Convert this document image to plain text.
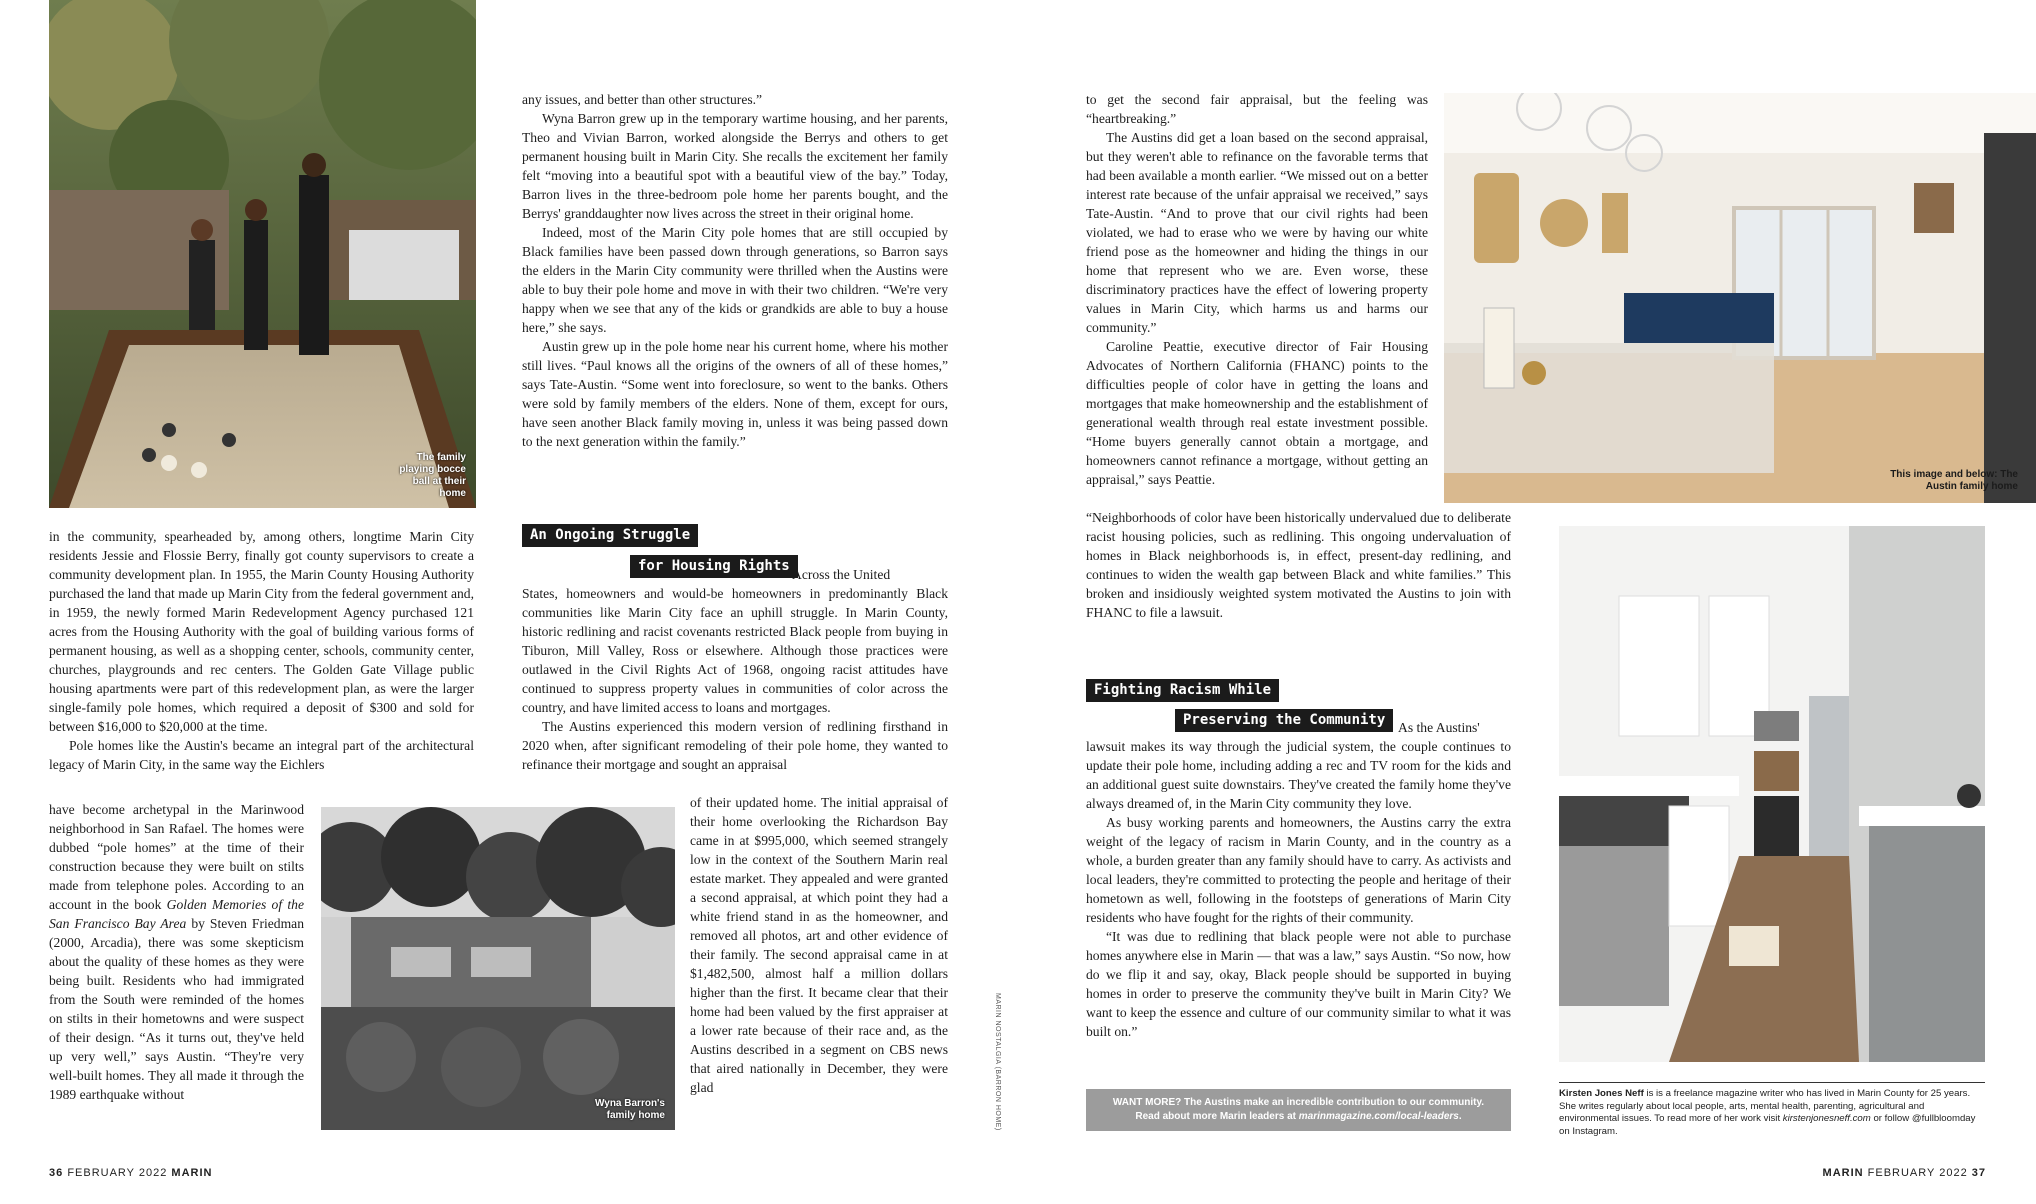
The family playing bocce ball at their home

in the community, spearheaded by, among others, longtime Marin City residents Jessie and Flossie Berry, finally got county supervisors to create a community development plan. In 1955, the Marin County Housing Authority purchased the land that made up Marin City from the federal government and, in 1959, the newly formed Marin Redevelopment Agency purchased 121 acres from the Housing Authority with the goal of building various forms of permanent housing, as well as a shopping center, schools, community center, churches, playgrounds and rec centers. The Golden Gate Village public housing apartments were part of this redevelopment plan, as were the larger single-family pole homes, which required a deposit of $300 and sold for between $16,000 to $20,000 at the time.

Pole homes like the Austin's became an integral part of the architectural legacy of Marin City, in the same way the Eichlers

have become archetypal in the Marinwood neighborhood in San Rafael. The homes were dubbed “pole homes” at the time of their construction because they were built on stilts made from telephone poles. According to an account in the book Golden Memories of the San Francisco Bay Area by Steven Friedman (2000, Arcadia), there was some skepticism about the quality of these homes as they were being built. Residents who had immigrated from the South were reminded of the homes on stilts in their hometowns and were suspect of their design. “As it turns out, they've held up very well,” says Austin. “They're very well-built homes. They all made it through the 1989 earthquake without

Wyna Barron's family home

any issues, and better than other structures.”

Wyna Barron grew up in the temporary wartime housing, and her parents, Theo and Vivian Barron, worked alongside the Berrys and others to get permanent housing built in Marin City. She recalls the excitement her family felt “moving into a beautiful spot with a beautiful view of the bay.” Today, Barron lives in the three-bedroom pole home her parents bought, and the Berrys' granddaughter now lives across the street in their original home.

Indeed, most of the Marin City pole homes that are still occupied by Black families have been passed down through generations, so Barron says the elders in the Marin City community were thrilled when the Austins were able to buy their pole home and move in with their two children. “We're very happy when we see that any of the kids or grandkids are able to buy a house here,” she says.

Austin grew up in the pole home near his current home, where his mother still lives. “Paul knows all the origins of the owners of all of these homes,” says Tate-Austin. “Some went into foreclosure, so went to the banks. Others were sold by family members of the elders. None of them, except for ours, have seen another Black family moving in, unless it was being passed down to the next generation within the family.”

An Ongoing Struggle
for Housing Rights

Across the United

States, homeowners and would-be homeowners in predominantly Black communities like Marin City face an uphill struggle. In Marin County, historic redlining and racist covenants restricted Black people from buying in Tiburon, Mill Valley, Ross or elsewhere. Although those practices were outlawed in the Civil Rights Act of 1968, ongoing racist attitudes have continued to suppress property values in communities of color across the country, and have limited access to loans and mortgages.

The Austins experienced this modern version of redlining firsthand in 2020 when, after significant remodeling of their pole home, they wanted to refinance their mortgage and sought an appraisal

of their updated home. The initial appraisal of their home overlooking the Richardson Bay came in at $995,000, which seemed strangely low in the context of the Southern Marin real estate market. They appealed and were granted a second appraisal, at which point they had a white friend stand in as the homeowner, and removed all photos, art and other evidence of their family. The second appraisal came in at $1,482,500, almost half a million dollars higher than the first. It became clear that their home had been valued by the first appraiser at a lower rate because of their race and, as the Austins described in a segment on CBS news that aired nationally in December, they were glad	MARIN NOSTALGIA (BARRON HOME)
36 FEBRUARY 2022 MARIN

to get the second fair appraisal, but the feeling was “heartbreaking.”

The Austins did get a loan based on the second appraisal, but they weren't able to refinance on the favorable terms that had been available a month earlier. “We missed out on a better interest rate because of the unfair appraisal we received,” says Tate-Austin. “And to prove that our civil rights had been violated, we had to erase who we were by having our white friend pose as the homeowner and hiding the things in our home that represent who we are. Even worse, these discriminatory practices have the effect of lowering property values in Marin City, which harms us and harms our community.”

Caroline Peattie, executive director of Fair Housing Advocates of Northern California (FHANC) points to the difficulties people of color have in getting the loans and mortgages that make homeownership and the establishment of generational wealth through real estate investment possible. “Home buyers generally cannot obtain a mortgage, and homeowners cannot refinance a mortgage, without getting an appraisal,” says Peattie.

“Neighborhoods of color have been historically undervalued due to deliberate racist housing policies, such as redlining. This ongoing undervaluation of homes in Black neighborhoods is, in effect, present-day redlining, and continues to widen the wealth gap between Black and white families.” This broken and insidiously weighted system motivated the Austins to join with FHANC to file a lawsuit.

This image and below: The Austin family home
Fighting Racism While
Preserving the Community As the Austins'

lawsuit makes its way through the judicial system, the couple continues to update their pole home, including adding a rec and TV room for the kids and an additional guest suite downstairs. They've created the family home they've always dreamed of, in the Marin City community they love.

As busy working parents and homeowners, the Austins carry the extra weight of the legacy of racism in Marin County, and in the country as a whole, a burden greater than any family should have to carry. As activists and local leaders, they're committed to protecting the people and heritage of their hometown as well, following in the footsteps of generations of Marin City residents who have fought for the rights of their community.

“It was due to redlining that black people were not able to purchase homes anywhere else in Marin — that was a law,” says Austin. “So now, how do we flip it and say, okay, Black people should be supported in buying homes in order to preserve the community they've built in Marin City? We want to keep the essence and culture of our community similar to what it was built on.”

WANT MORE? The Austins make an incredible contribution to our community.
Read about more Marin leaders at marinmagazine.com/local-leaders.
Kirsten Jones Neff is is a freelance magazine writer who has lived in Marin County for 25 years. She writes regularly about local people, arts, mental health, parenting, agricultural and environmental issues. To read more of her work visit kirstenjonesneff.com or follow @fullbloomday on Instagram.
MARIN FEBRUARY 2022 37
